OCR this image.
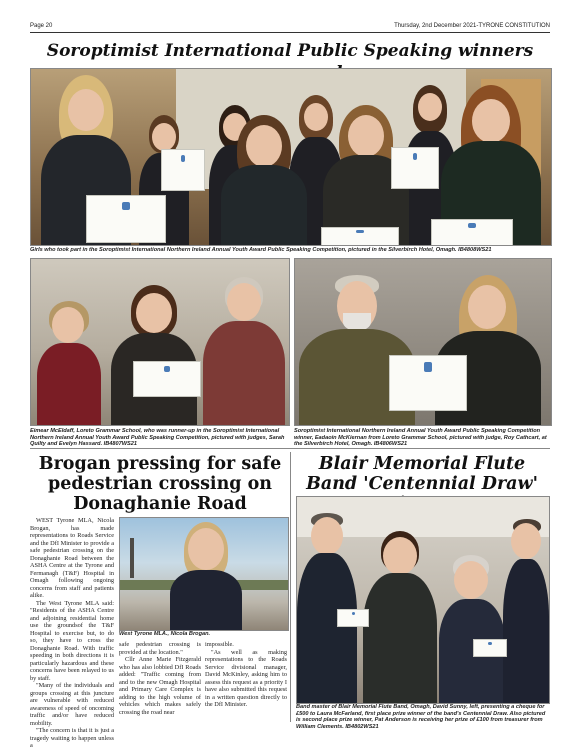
Page 20	Thursday, 2nd December 2021-TYRONE CONSTITUTION
Soroptimist International Public Speaking winners
Girls who took part in the Soroptimist International Northern Ireland Annual Youth Award Public Speaking Competition, pictured in the Silverbirch Hotel, Omagh. IB4808WS21
Eimear McEldaff, Loreto Grammar School, who was runner-up in the Soroptimist International Northern Ireland Annual Youth Award Public Speaking Competition, pictured with judges, Sarah Quilty and Evelyn Hassard. IB4807WS21
Soroptimist International Northern Ireland Annual Youth Award Public Speaking Competition winner, Eadaoin McKiernan from Loreto Grammar School, pictured with judge, Roy Cathcart, at the Silverbirch Hotel, Omagh. IB4806WS21
Brogan pressing for safe pedestrian crossing on Donaghanie Road

WEST Tyrone MLA, Nicola Brogan, has made representations to Roads Service and the DfI Minister to provide a safe pedestrian crossing on the Donaghanie Road between the ASHA Centre at the Tyrone and Fermanagh (T&F) Hospital in Omagh following ongoing concerns from staff and patients alike.

The West Tyrone MLA said: "Residents of the ASHA Centre and adjoining residential home use the groundsof the T&F Hospital to exercise but, to do so, they have to cross the Donaghanie Road. With traffic speeding in both directions it is particularly hazardous and these concerns have been relayed to us by staff.

"Many of the individuals and groups crossing at this juncture are vulnerable with reduced awareness of speed of oncoming traffic and/or have reduced mobility.

"The concern is that it is just a tragedy waiting to happen unless a

West Tyrone MLA., Nicola Brogan.

safe pedestrian crossing is provided at the location."

Cllr Anne Marie Fitzgerald who has also lobbied DfI Roads added: "Traffic coming from and to the new Omagh Hospital and Primary Care Complex is adding to the high volume of vehicles which makes safely crossing the road near

impossible.

"As well as making representations to the Roads Service divisional manager, David McKinley, asking him to assess this request as a priority I have also submitted this request in a written question directly to the DfI Minister.

Blair Memorial Flute Band 'Centennial Draw'
Band master of Blair Memorial Flute Band, Omagh, David Sunny, left, presenting a cheque for £500 to Laura McFarland, first place prize winner of the band's Centennial Draw. Also pictured is second place prize winner, Pat Anderson is receiving her prize of £100 from treasurer from William Clements. IB4802WS21
